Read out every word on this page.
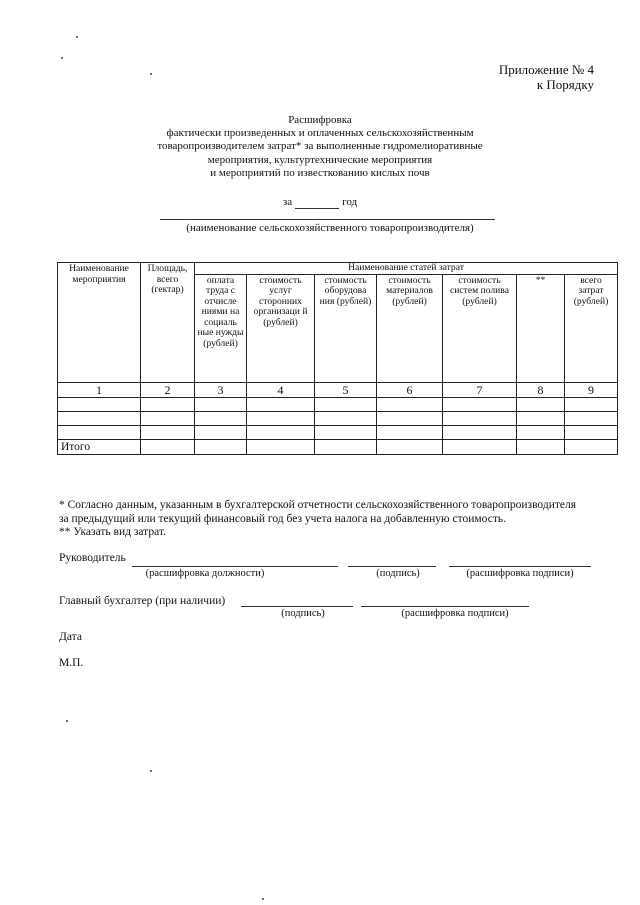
Приложение № 4
к Порядку
Расшифровка
фактически произведенных и оплаченных сельскохозяйственным
товаропроизводителем затрат* за выполненные гидромелиоративные
мероприятия, культуртехнические мероприятия
и мероприятий по известкованию кислых почв
за	год
(наименование сельскохозяйственного товаропроизводителя)
Наименование мероприятия	Площадь, всего (гектар)	Наименование статей затрат						
		оплата труда с отчисле ниями на социаль ные нужды (рублей)	стоимость услуг сторонних организаци й (рублей)	стоимость оборудова ния (рублей)	стоимость материалов (рублей)	стоимость систем полива (рублей)	**	всего затрат (рублей)
1	2	3	4	5	6	7	8	9

Итого								
* Согласно данным, указанным в бухгалтерской отчетности сельскохозяйственного товаропроизводителя
за предыдущий или текущий финансовый год без учета налога на добавленную стоимость.
** Указать вид затрат.
Руководитель
(расшифровка должности)	(подпись)	(расшифровка подписи)
Главный бухгалтер (при наличии)
(подпись)	(расшифровка подписи)
Дата
М.П.
